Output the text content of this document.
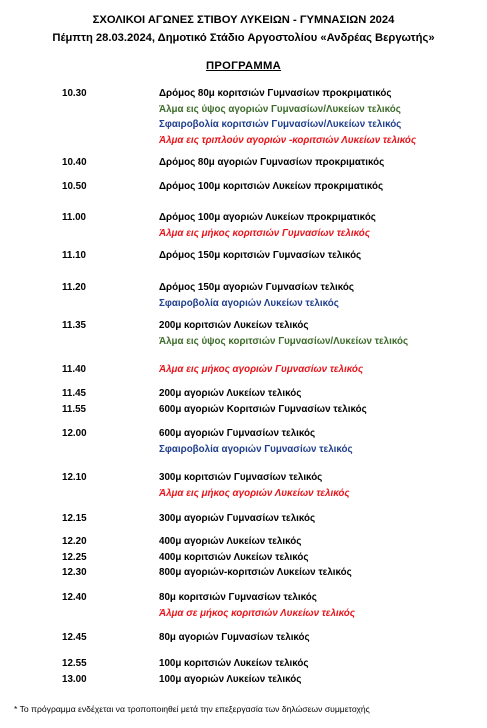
ΣΧΟΛΙΚΟΙ ΑΓΩΝΕΣ ΣΤΙΒΟΥ ΛΥΚΕΙΩΝ - ΓΥΜΝΑΣΙΩΝ 2024
Πέμπτη 28.03.2024, Δημοτικό Στάδιο Αργοστολίου «Ανδρέας Βεργωτής»
ΠΡΟΓΡΑΜΜΑ
10.30	Δρόμος 80μ κοριτσιών Γυμνασίων προκριματικός
Άλμα εις ύψος αγοριών Γυμνασίων/Λυκείων τελικός
Σφαιροβολία κοριτσιών Γυμνασίων/Λυκείων τελικός
Άλμα εις τριπλούν αγοριών -κοριτσιών Λυκείων τελικός
10.40	Δρόμος 80μ αγοριών Γυμνασίων προκριματικός
10.50	Δρόμος 100μ κοριτσιών Λυκείων προκριματικός
11.00	Δρόμος 100μ αγοριών Λυκείων προκριματικός
Άλμα εις μήκος κοριτσιών Γυμνασίων τελικός
11.10	Δρόμος 150μ κοριτσιών Γυμνασίων τελικός
11.20	Δρόμος 150μ αγοριών Γυμνασίων τελικός
Σφαιροβολία αγοριών Λυκείων τελικός
11.35	200μ κοριτσιών Λυκείων τελικός
Άλμα εις ύψος κοριτσιών Γυμνασίων/Λυκείων τελικός
11.40	Άλμα εις μήκος αγοριών Γυμνασίων τελικός
11.45	200μ αγοριών Λυκείων τελικός
11.55	600μ αγοριών Κοριτσιών Γυμνασίων τελικός
12.00	600μ αγοριών Γυμνασίων τελικός
Σφαιροβολία αγοριών Γυμνασίων τελικός
12.10	300μ κοριτσιών Γυμνασίων τελικός
Άλμα εις μήκος αγοριών Λυκείων τελικός
12.15	300μ αγοριών Γυμνασίων τελικός
12.20	400μ αγοριών Λυκείων τελικός
12.25	400μ κοριτσιών Λυκείων τελικός
12.30	800μ αγοριών-κοριτσιών Λυκείων τελικός
12.40	80μ κοριτσιών Γυμνασίων τελικός
Άλμα σε μήκος κοριτσιών Λυκείων τελικός
12.45	80μ αγοριών Γυμνασίων τελικός
12.55	100μ κοριτσιών Λυκείων τελικός
13.00	100μ αγοριών Λυκείων τελικός
* Το πρόγραμμα ενδέχεται να τροποποιηθεί μετά την επεξεργασία των δηλώσεων συμμετοχής
